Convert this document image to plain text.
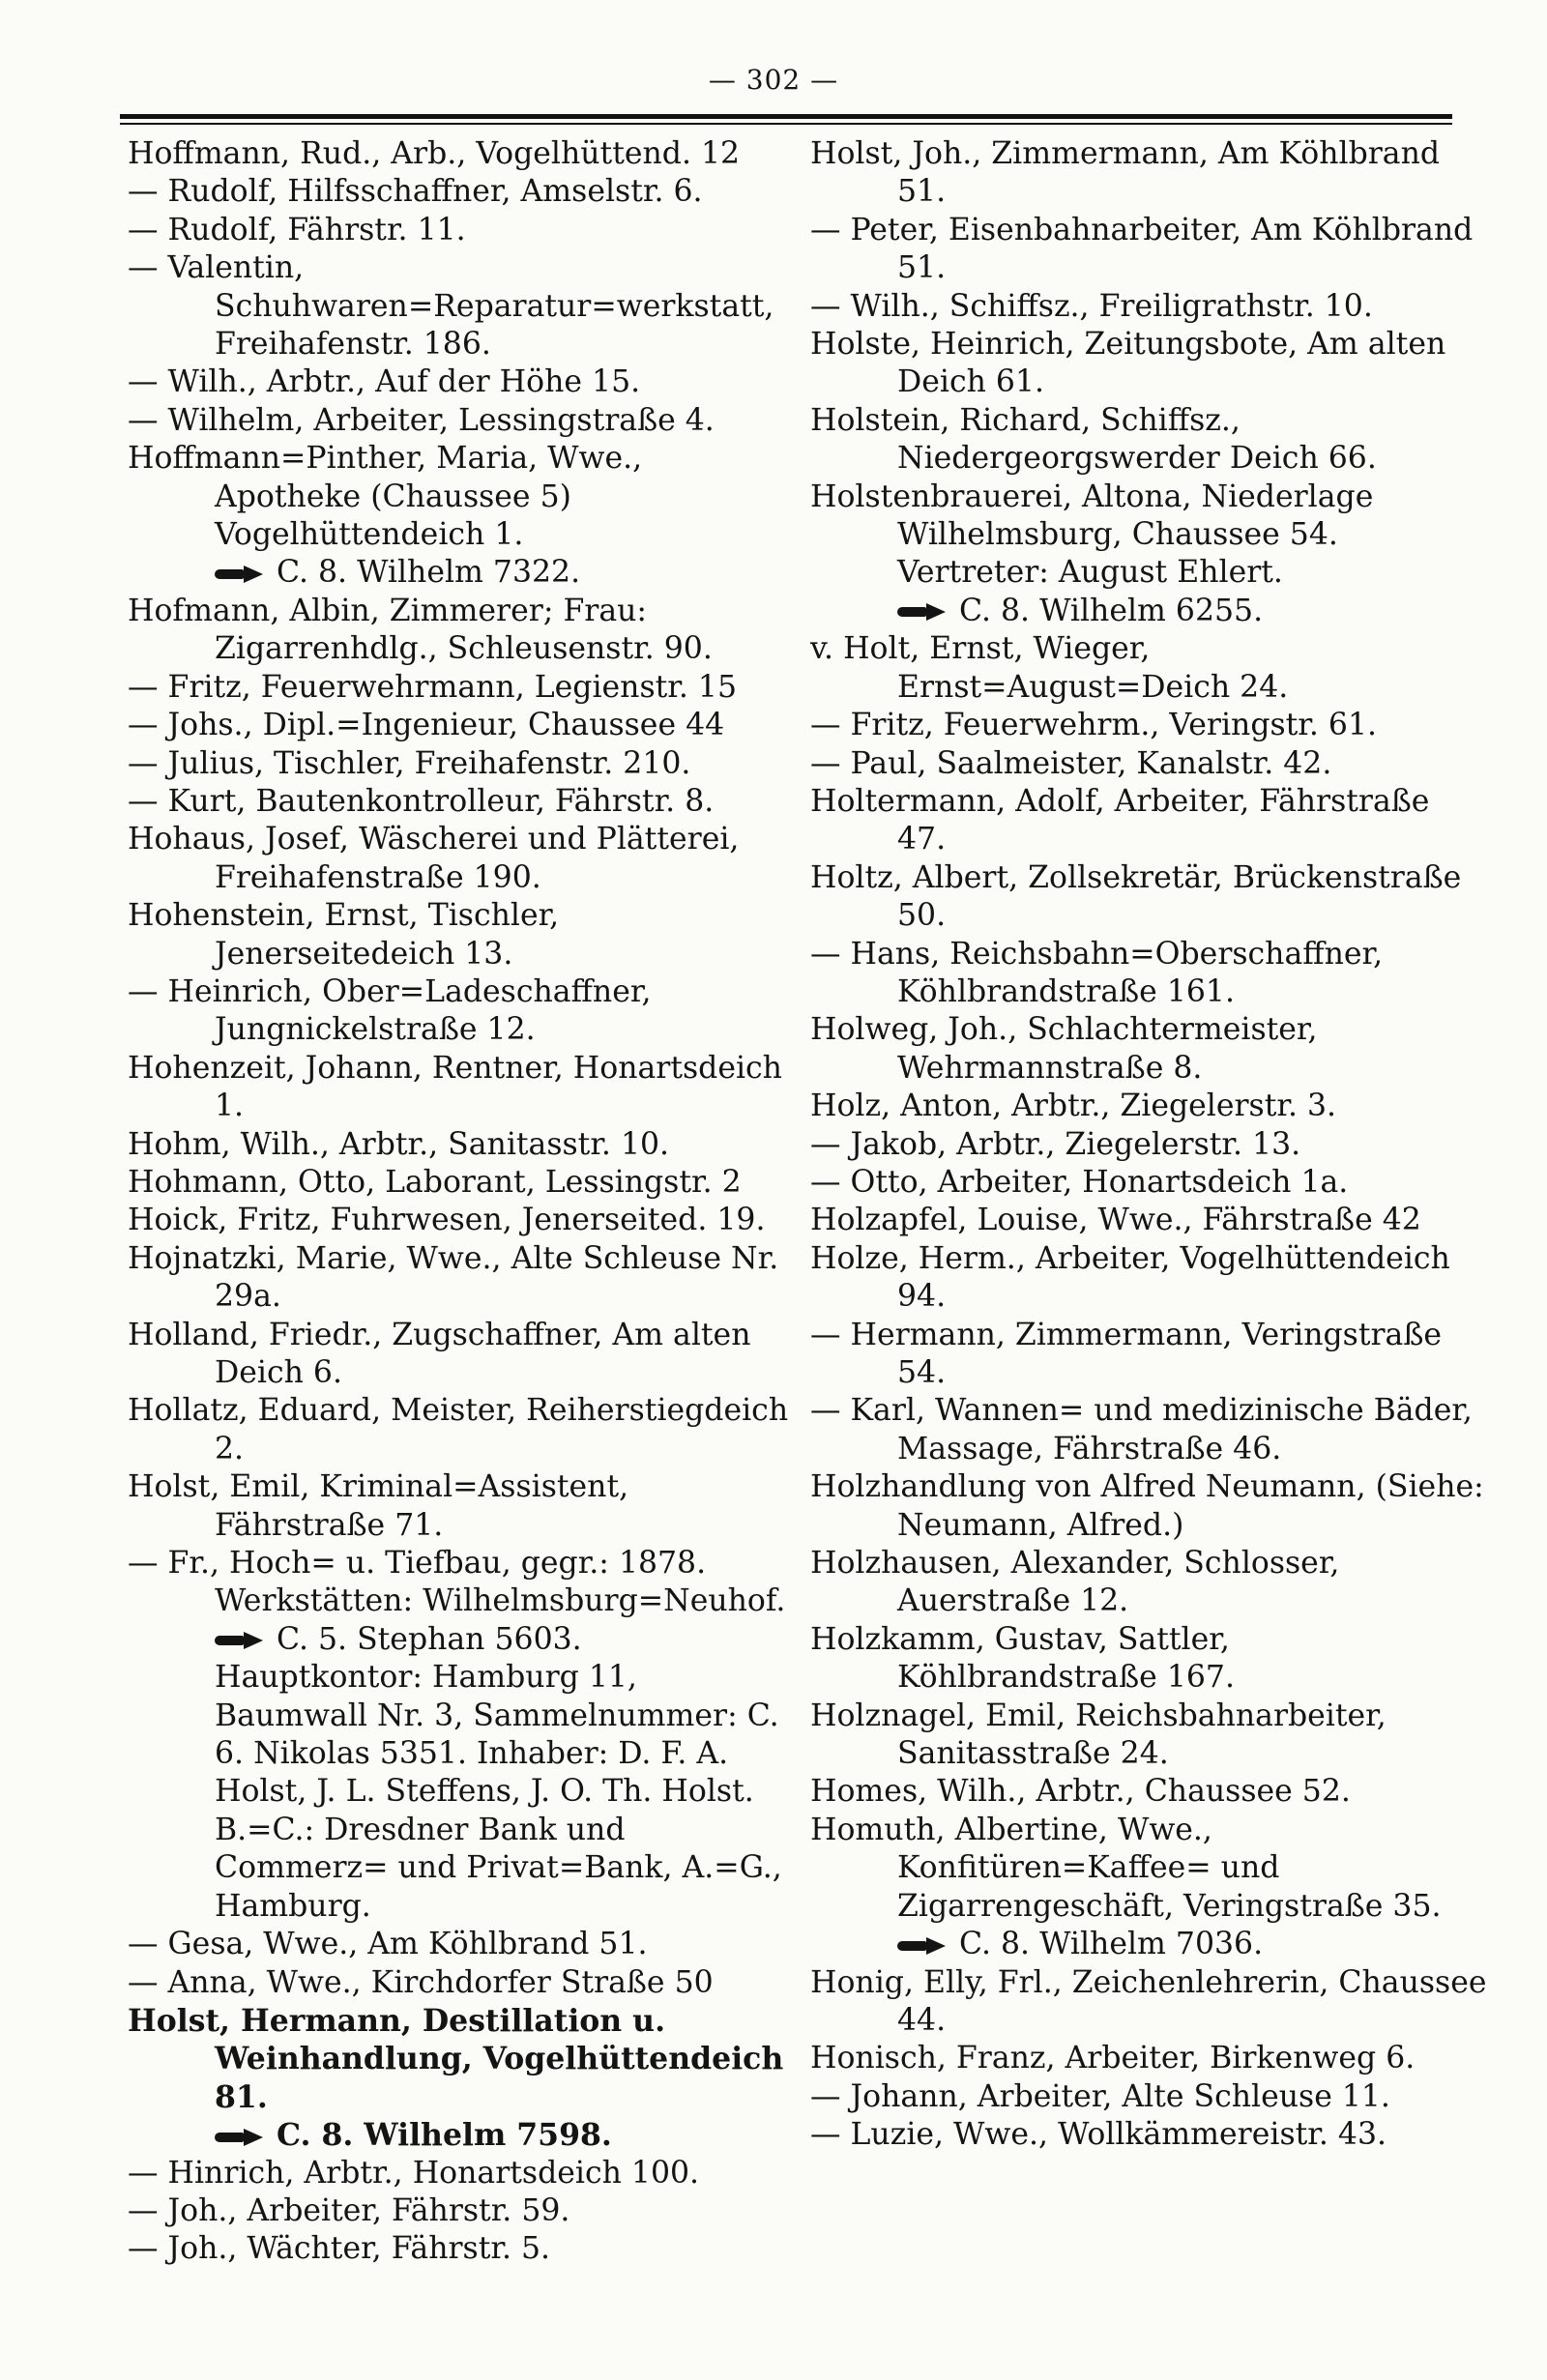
— 302 —

Hoffmann, Rud., Arb., Vogelhüttend. 12

— Rudolf, Hilfsschaffner, Amselstr. 6.

— Rudolf, Fährstr. 11.

— Valentin, Schuhwaren=Reparatur=werkstatt, Freihafenstr. 186.

— Wilh., Arbtr., Auf der Höhe 15.

— Wilhelm, Arbeiter, Lessingstraße 4.

Hoffmann=Pinther, Maria, Wwe., Apotheke (Chaussee 5) Vogelhüttendeich 1.

C. 8. Wilhelm 7322.

Hofmann, Albin, Zimmerer; Frau: Zigarrenhdlg., Schleusenstr. 90.

— Fritz, Feuerwehrmann, Legienstr. 15

— Johs., Dipl.=Ingenieur, Chaussee 44

— Julius, Tischler, Freihafenstr. 210.

— Kurt, Bautenkontrolleur, Fährstr. 8.

Hohaus, Josef, Wäscherei und Plätterei, Freihafenstraße 190.

Hohenstein, Ernst, Tischler, Jenerseitedeich 13.

— Heinrich, Ober=Ladeschaffner, Jungnickelstraße 12.

Hohenzeit, Johann, Rentner, Honartsdeich 1.

Hohm, Wilh., Arbtr., Sanitasstr. 10.

Hohmann, Otto, Laborant, Lessingstr. 2

Hoick, Fritz, Fuhrwesen, Jenerseited. 19.

Hojnatzki, Marie, Wwe., Alte Schleuse Nr. 29a.

Holland, Friedr., Zugschaffner, Am alten Deich 6.

Hollatz, Eduard, Meister, Reiherstiegdeich 2.

Holst, Emil, Kriminal=Assistent, Fährstraße 71.

— Fr., Hoch= u. Tiefbau, gegr.: 1878. Werkstätten: Wilhelmsburg=Neuhof. C. 5. Stephan 5603. Hauptkontor: Hamburg 11, Baumwall Nr. 3, Sammelnummer: C. 6. Nikolas 5351. Inhaber: D. F. A. Holst, J. L. Steffens, J. O. Th. Holst. B.=C.: Dresdner Bank und Commerz= und Privat=Bank, A.=G., Hamburg.

— Gesa, Wwe., Am Köhlbrand 51.

— Anna, Wwe., Kirchdorfer Straße 50

Holst, Hermann, Destillation u. Weinhandlung, Vogelhüttendeich 81.

C. 8. Wilhelm 7598.

— Hinrich, Arbtr., Honartsdeich 100.

— Joh., Arbeiter, Fährstr. 59.

— Joh., Wächter, Fährstr. 5.

Holst, Joh., Zimmermann, Am Köhlbrand 51.

— Peter, Eisenbahnarbeiter, Am Köhlbrand 51.

— Wilh., Schiffsz., Freiligrathstr. 10.

Holste, Heinrich, Zeitungsbote, Am alten Deich 61.

Holstein, Richard, Schiffsz., Niedergeorgswerder Deich 66.

Holstenbrauerei, Altona, Niederlage Wilhelmsburg, Chaussee 54. Vertreter: August Ehlert.

C. 8. Wilhelm 6255.

v. Holt, Ernst, Wieger, Ernst=August=Deich 24.

— Fritz, Feuerwehrm., Veringstr. 61.

— Paul, Saalmeister, Kanalstr. 42.

Holtermann, Adolf, Arbeiter, Fährstraße 47.

Holtz, Albert, Zollsekretär, Brückenstraße 50.

— Hans, Reichsbahn=Oberschaffner, Köhlbrandstraße 161.

Holweg, Joh., Schlachtermeister, Wehrmannstraße 8.

Holz, Anton, Arbtr., Ziegelerstr. 3.

— Jakob, Arbtr., Ziegelerstr. 13.

— Otto, Arbeiter, Honartsdeich 1a.

Holzapfel, Louise, Wwe., Fährstraße 42

Holze, Herm., Arbeiter, Vogelhüttendeich 94.

— Hermann, Zimmermann, Veringstraße 54.

— Karl, Wannen= und medizinische Bäder, Massage, Fährstraße 46.

Holzhandlung von Alfred Neumann, (Siehe: Neumann, Alfred.)

Holzhausen, Alexander, Schlosser, Auerstraße 12.

Holzkamm, Gustav, Sattler, Köhlbrandstraße 167.

Holznagel, Emil, Reichsbahnarbeiter, Sanitasstraße 24.

Homes, Wilh., Arbtr., Chaussee 52.

Homuth, Albertine, Wwe., Konfitüren=Kaffee= und Zigarrengeschäft, Veringstraße 35.

C. 8. Wilhelm 7036.

Honig, Elly, Frl., Zeichenlehrerin, Chaussee 44.

Honisch, Franz, Arbeiter, Birkenweg 6.

— Johann, Arbeiter, Alte Schleuse 11.

— Luzie, Wwe., Wollkämmereistr. 43.
